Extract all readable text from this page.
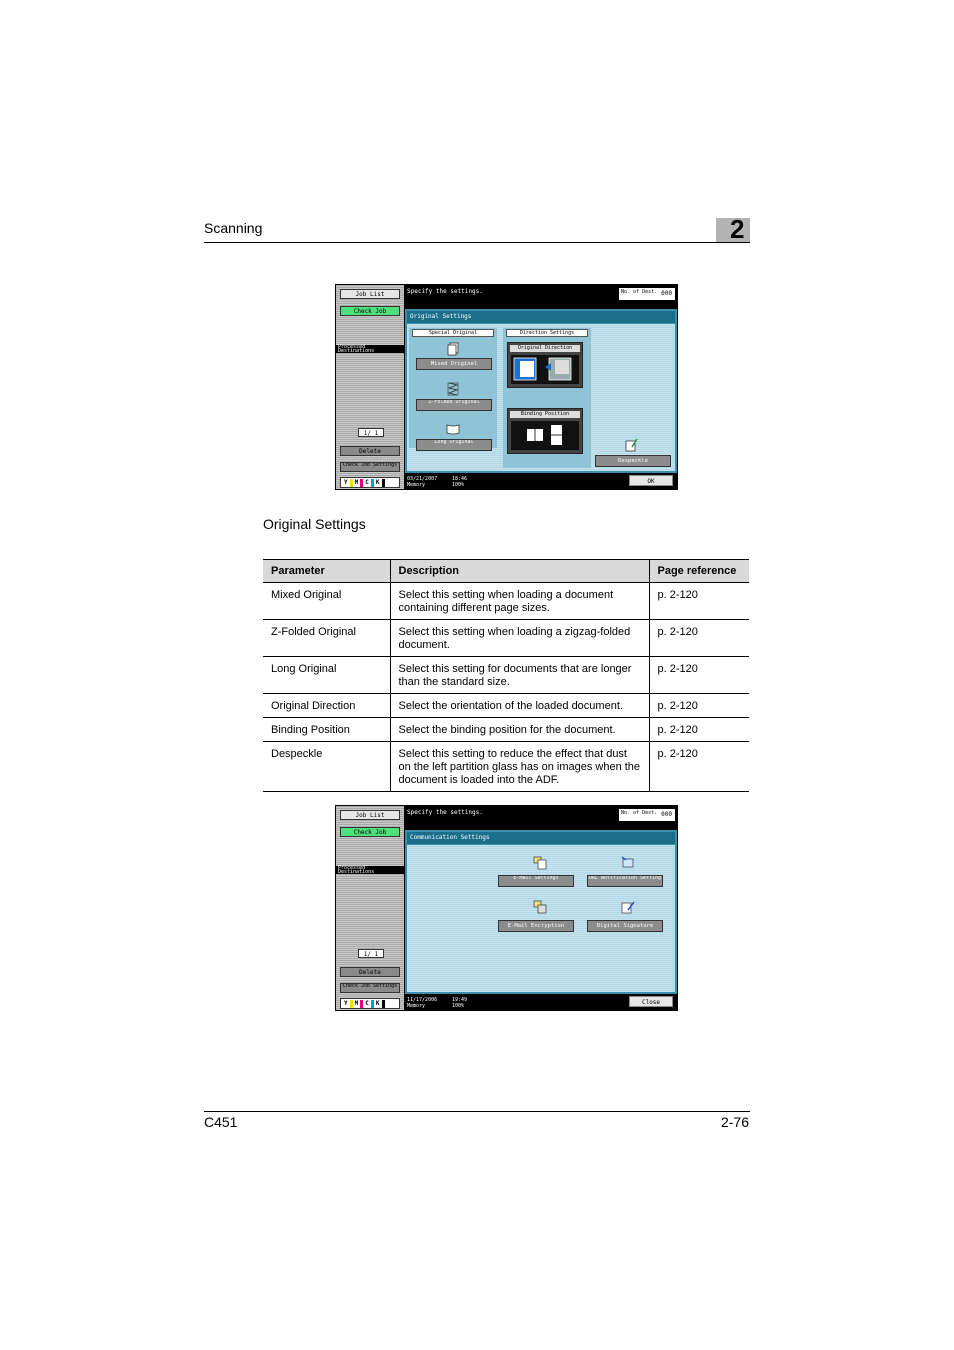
Scanning	2
Job List
Check Job
Processed Destinations
1/ 1
Delete
Check Job Settings
Y M C K
Specify the settings.	No. of Dest. 000
Original Settings
Special Original
Mixed Original
Z-Folded Original
Long Original
Direction Settings
Original Direction
Binding Position
Despeckle
03/21/2007
Memory
18:46
100%	OK
Original Settings
Parameter	Description	Page reference
Mixed Original	Select this setting when loading a document containing different page sizes.	p. 2-120
Z-Folded Original	Select this setting when loading a zigzag-folded document.	p. 2-120
Long Original	Select this setting for documents that are longer than the standard size.	p. 2-120
Original Direction	Select the orientation of the loaded document.	p. 2-120
Binding Position	Select the binding position for the document.	p. 2-120
Despeckle	Select this setting to reduce the effect that dust on the left partition glass has on images when the document is loaded into the ADF.	p. 2-120
Job List
Check Job
Processed Destinations
1/ 1
Delete
Check Job Settings
Y M C K
Specify the settings.	No. of Dest. 000
Communication Settings
E-Mail Settings	URL Notification Setting
E-Mail Encryption	Digital Signature
11/17/2006
Memory
19:49
100%	Close
C451	2-76
